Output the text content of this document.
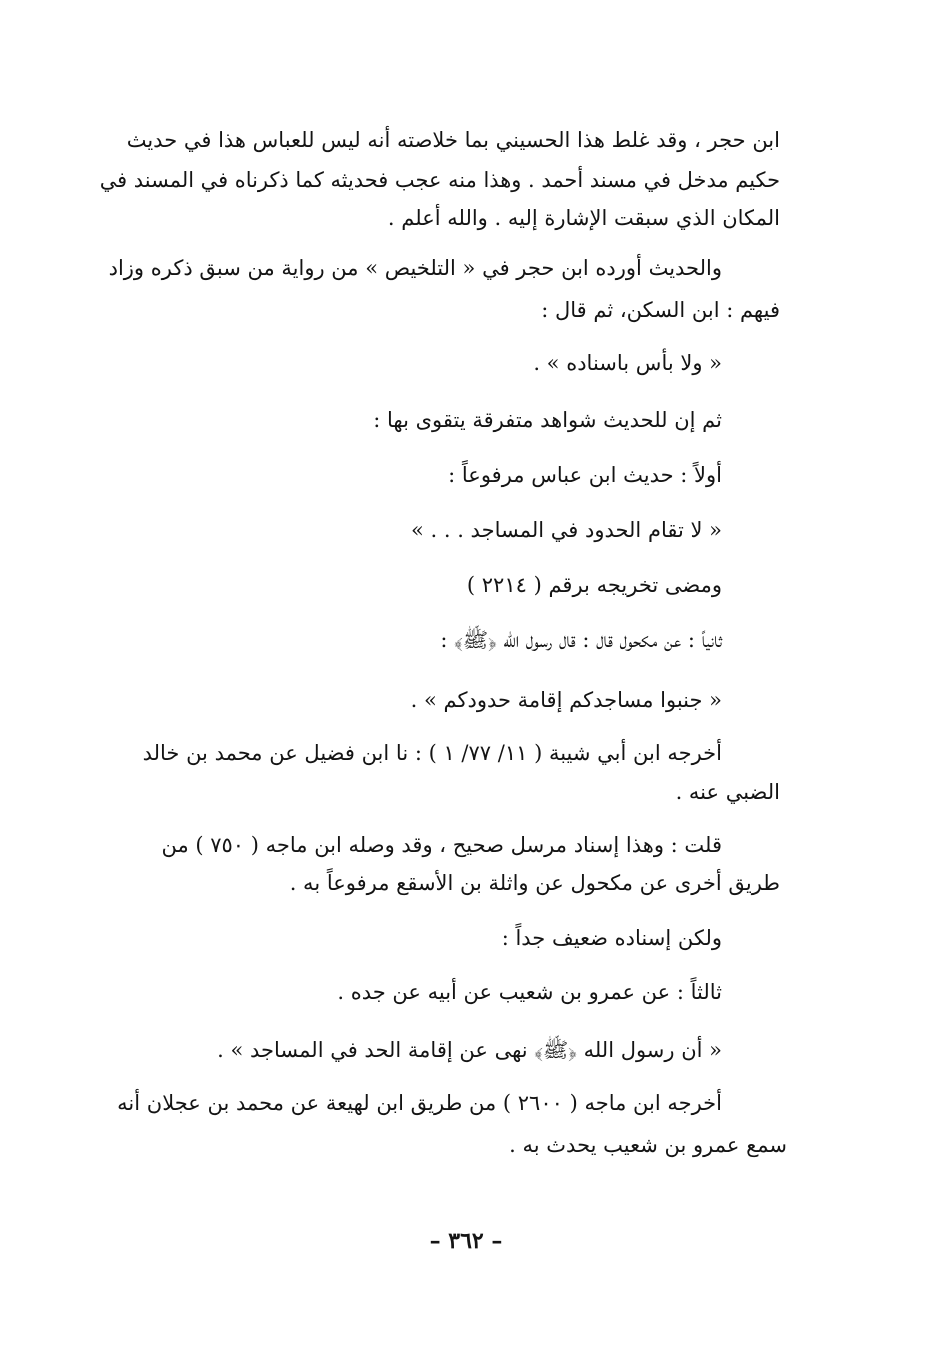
ابن حجر ، وقد غلط هذا الحسيني بما خلاصته أنه ليس للعباس هذا في حديث
حكيم مدخل في مسند أحمد . وهذا منه عجب فحديثه كما ذكرناه في المسند في
المكان الذي سبقت الإشارة إليه . والله أعلم .
والحديث أورده ابن حجر في « التلخيص » من رواية من سبق ذكره وزاد
فيهم : ابن السكن، ثم قال :
« ولا بأس باسناده » .
ثم إن للحديث شواهد متفرقة يتقوى بها :
أولاً : حديث ابن عباس مرفوعاً :
« لا تقام الحدود في المساجد . . . »
ومضى تخريجه برقم ( ٢٢١٤ )
ثانياً : عن مكحول قال : قال رسول الله ﴿ﷺ﴾ :
« جنبوا مساجدكم إقامة حدودكم » .
أخرجه ابن أبي شيبة ( ١١/ ٧٧/ ١ ) : نا ابن فضيل عن محمد بن خالد
الضبي عنه .
قلت : وهذا إسناد مرسل صحيح ، وقد وصله ابن ماجه ( ٧٥٠ ) من
طريق أخرى عن مكحول عن واثلة بن الأسقع مرفوعاً به .
ولكن إسناده ضعيف جداً :
ثالثاً : عن عمرو بن شعيب عن أبيه عن جده .
« أن رسول الله ﴿ﷺ﴾ نهى عن إقامة الحد في المساجد » .
أخرجه ابن ماجه ( ٢٦٠٠ ) من طريق ابن لهيعة عن محمد بن عجلان أنه
سمع عمرو بن شعيب يحدث به .
– ٣٦٢ –
